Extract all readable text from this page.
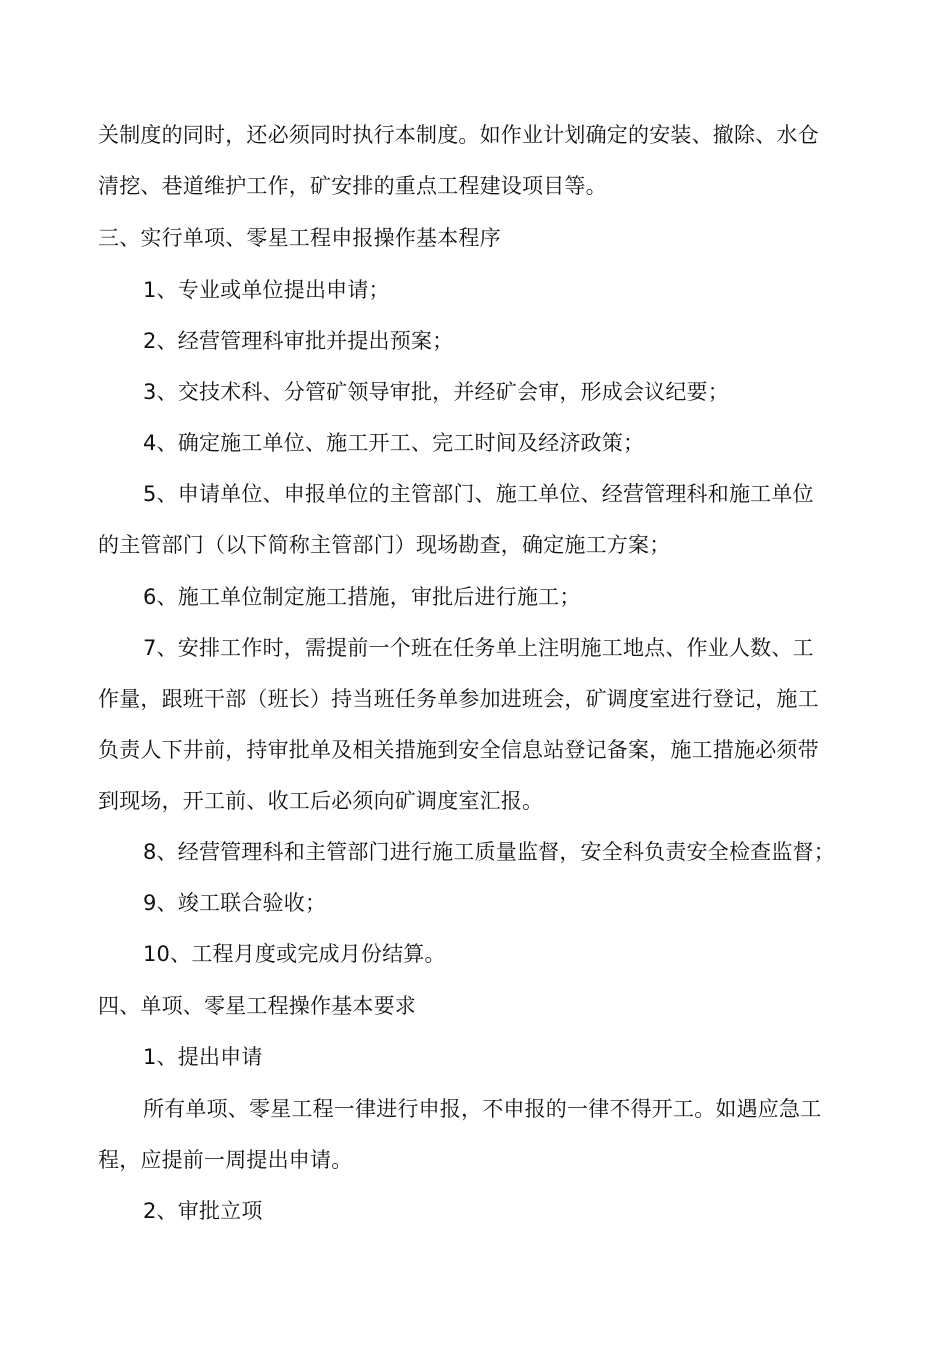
关制度的同时，还必须同时执行本制度。如作业计划确定的安装、撤除、水仓

清挖、巷道维护工作，矿安排的重点工程建设项目等。

三、实行单项、零星工程申报操作基本程序

1、专业或单位提出申请；

2、经营管理科审批并提出预案；

3、交技术科、分管矿领导审批，并经矿会审，形成会议纪要；

4、确定施工单位、施工开工、完工时间及经济政策；

5、申请单位、申报单位的主管部门、施工单位、经营管理科和施工单位

的主管部门（以下简称主管部门）现场勘查，确定施工方案；

6、施工单位制定施工措施，审批后进行施工；

7、安排工作时，需提前一个班在任务单上注明施工地点、作业人数、工

作量，跟班干部（班长）持当班任务单参加进班会，矿调度室进行登记，施工

负责人下井前，持审批单及相关措施到安全信息站登记备案，施工措施必须带

到现场，开工前、收工后必须向矿调度室汇报。

8、经营管理科和主管部门进行施工质量监督，安全科负责安全检查监督；

9、竣工联合验收；

10、工程月度或完成月份结算。

四、单项、零星工程操作基本要求

1、提出申请

所有单项、零星工程一律进行申报，不申报的一律不得开工。如遇应急工

程，应提前一周提出申请。

2、审批立项
